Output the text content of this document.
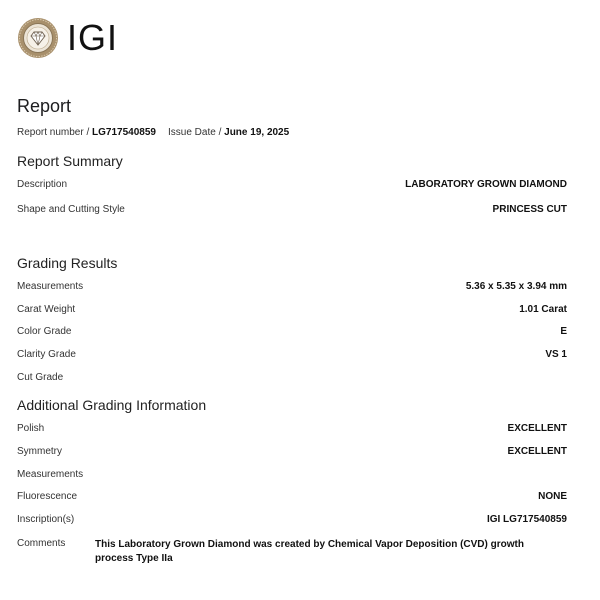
IGI
Report
Report number / LG717540859 Issue Date / June 19, 2025
Report Summary
Description	LABORATORY GROWN DIAMOND
Shape and Cutting Style	PRINCESS CUT
Grading Results
Measurements	5.36 x 5.35 x 3.94 mm
Carat Weight	1.01 Carat
Color Grade	E
Clarity Grade	VS 1
Cut Grade
Additional Grading Information
Polish	EXCELLENT
Symmetry	EXCELLENT
Measurements
Fluorescence	NONE
Inscription(s)	IGI LG717540859
Comments	This Laboratory Grown Diamond was created by Chemical Vapor Deposition (CVD) growth process Type IIa
